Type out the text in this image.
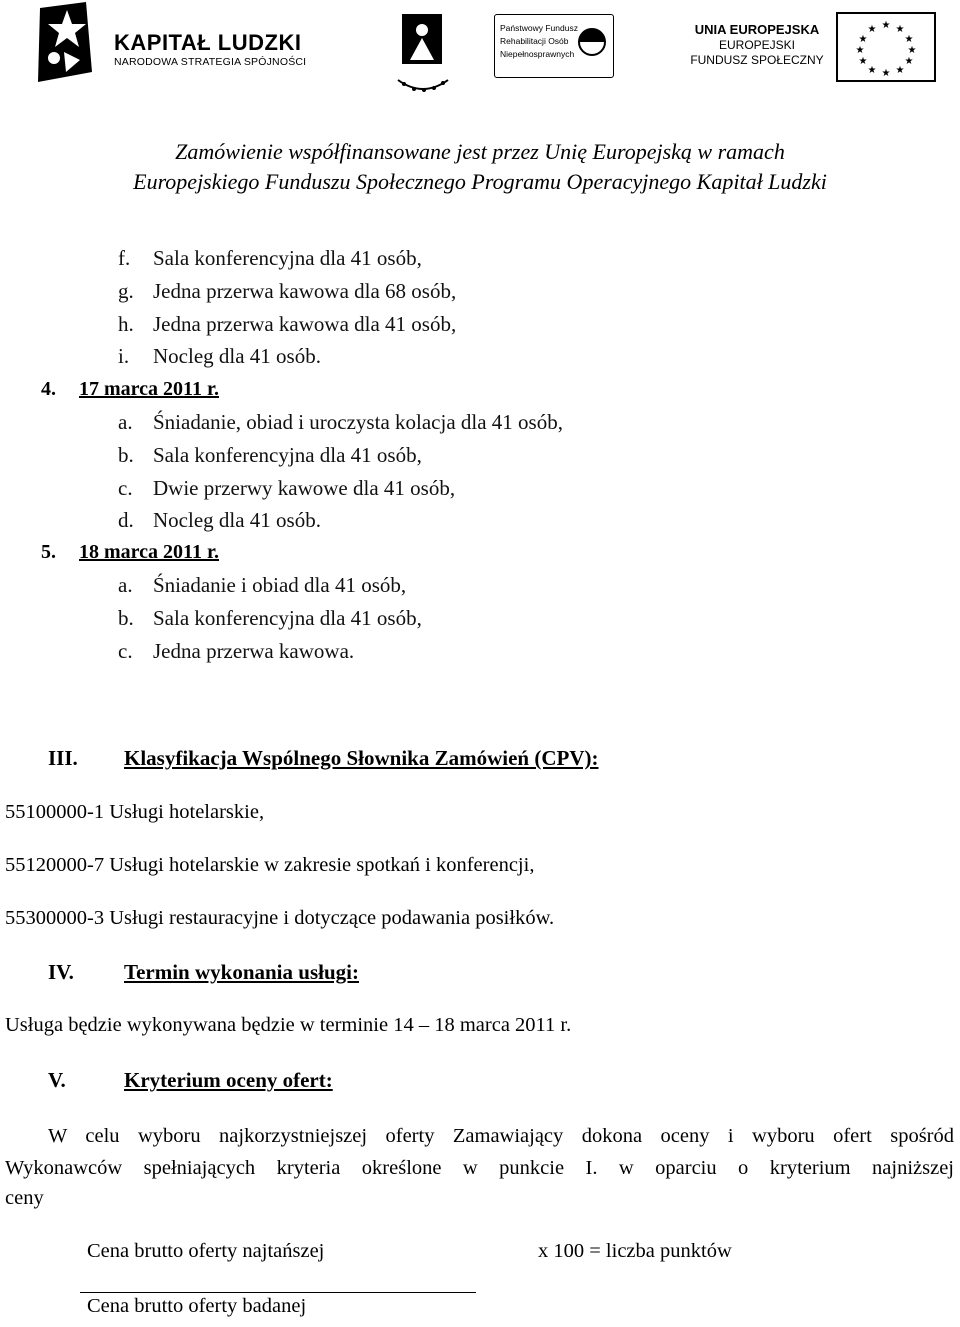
KAPITAŁ LUDZKI
NARODOWA STRATEGIA SPÓJNOŚCI
Państwowy Fundusz
Rehabilitacji Osób
Niepełnosprawnych
UNIA EUROPEJSKA
EUROPEJSKI
FUNDUSZ SPOŁECZNY
★ ★
★
★
★
★
★
★
★
★
★
★
Zamówienie współfinansowane jest przez Unię Europejską w ramach
Europejskiego Funduszu Społecznego Programu Operacyjnego Kapitał Ludzki
f. Sala konferencyjna dla 41 osób,
g. Jedna przerwa kawowa dla 68 osób,
h. Jedna przerwa kawowa dla 41 osób,
i. Nocleg dla 41 osób.
4. 17 marca 2011 r.
a. Śniadanie, obiad i uroczysta kolacja dla 41 osób,
b. Sala konferencyjna dla 41 osób,
c. Dwie przerwy kawowe dla 41 osób,
d. Nocleg dla 41 osób.
5. 18 marca 2011 r.
a. Śniadanie i obiad dla 41 osób,
b. Sala konferencyjna dla 41 osób,
c. Jedna przerwa kawowa.
III. Klasyfikacja Wspólnego Słownika Zamówień (CPV):
55100000-1 Usługi hotelarskie,
55120000-7 Usługi hotelarskie w zakresie spotkań i konferencji,
55300000-3 Usługi restauracyjne i dotyczące podawania posiłków.
IV. Termin wykonania usługi:
Usługa będzie wykonywana będzie w terminie 14 – 18 marca 2011 r.
V.	Kryterium oceny ofert:
W celu wyboru najkorzystniejszej oferty Zamawiający dokona oceny i wyboru ofert spośród
Wykonawców spełniających kryteria określone w punkcie I. w oparciu o kryterium najniższej
ceny
Cena brutto oferty najtańszej	x 100 = liczba punktów
Cena brutto oferty badanej
